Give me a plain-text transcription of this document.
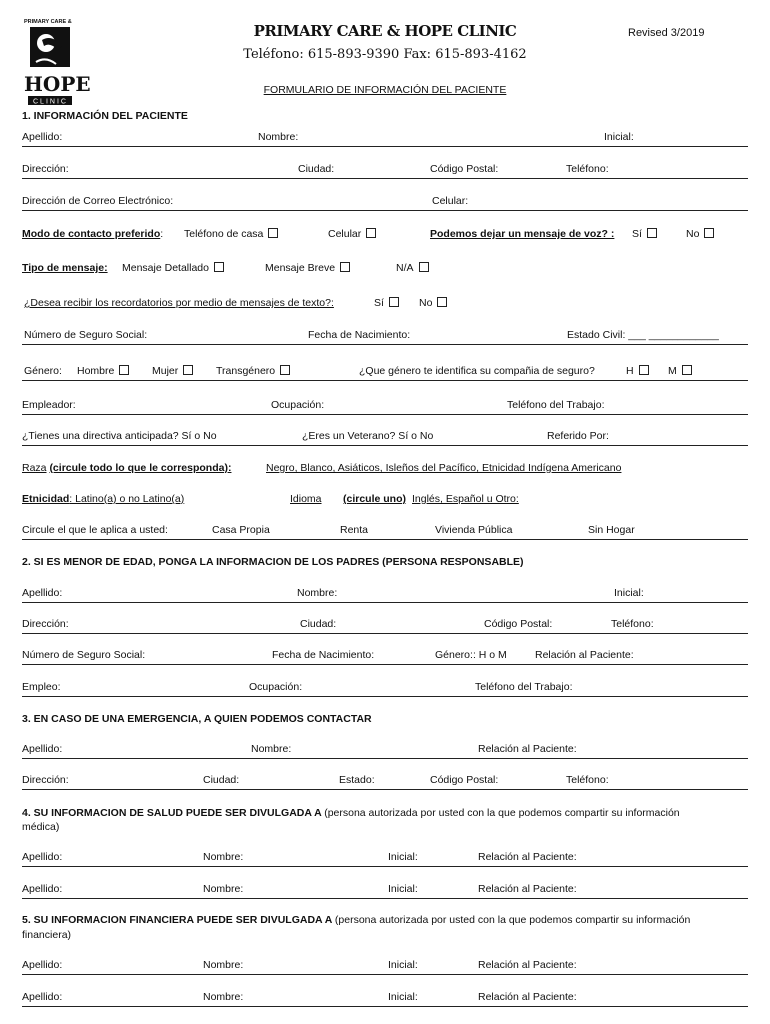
PRIMARY CARE &
HOPE
CLINIC
PRIMARY CARE & HOPE CLINIC
Teléfono: 615-893-9390 Fax: 615-893-4162
Revised 3/2019
FORMULARIO DE INFORMACIÓN DEL PACIENTE
1. INFORMACIÓN DEL PACIENTE
Apellido:	Nombre:	Inicial:
Dirección:	Ciudad:	Código Postal:	Teléfono:
Dirección de Correo Electrónico:	Celular:
Modo de contacto preferido: Teléfono de casa	Celular	Podemos dejar un mensaje de voz? : Sí	No
Tipo de mensaje: Mensaje Detallado	Mensaje Breve	N/A
¿Desea recibir los recordatorios por medio de mensajes de texto?:	Sí	No
Número de Seguro Social:	Fecha de Nacimiento:	Estado Civil: ___ ____________
Género: Hombre	Mujer	Transgénero	¿Que género te identifica su compañia de seguro?	H	M
Empleador:	Ocupación:	Teléfono del Trabajo:
¿Tienes una directiva anticipada? Sí o No	¿Eres un Veterano? Sí o No	Referido Por:
Raza (circule todo lo que le corresponda):	Negro, Blanco, Asiáticos, Isleños del Pacífico, Etnicidad Indígena Americano
Etnicidad: Latino(a) o no Latino(a)	Idioma (circule uno) Inglés, Español u Otro:
Circule el que le aplica a usted:	Casa Propia	Renta	Vivienda Pública	Sin Hogar
2. SI ES MENOR DE EDAD, PONGA LA INFORMACION DE LOS PADRES (PERSONA RESPONSABLE)
Apellido:	Nombre:	Inicial:
Dirección:	Ciudad:	Código Postal:	Teléfono:
Número de Seguro Social:	Fecha de Nacimiento:	Género:: H o M	Relación al Paciente:
Empleo:	Ocupación:	Teléfono del Trabajo:
3. EN CASO DE UNA EMERGENCIA, A QUIEN PODEMOS CONTACTAR
Apellido:	Nombre:	Relación al Paciente:
Dirección:	Ciudad:	Estado:	Código Postal:	Teléfono:
4. SU INFORMACION DE SALUD PUEDE SER DIVULGADA A (persona autorizada por usted con la que podemos compartir su información
médica)
Apellido:	Nombre:	Inicial:	Relación al Paciente:
Apellido:	Nombre:	Inicial:	Relación al Paciente:
5. SU INFORMACION FINANCIERA PUEDE SER DIVULGADA A (persona autorizada por usted con la que podemos compartir su información
financiera)
Apellido:	Nombre:	Inicial:	Relación al Paciente:
Apellido:	Nombre:	Inicial:	Relación al Paciente:
